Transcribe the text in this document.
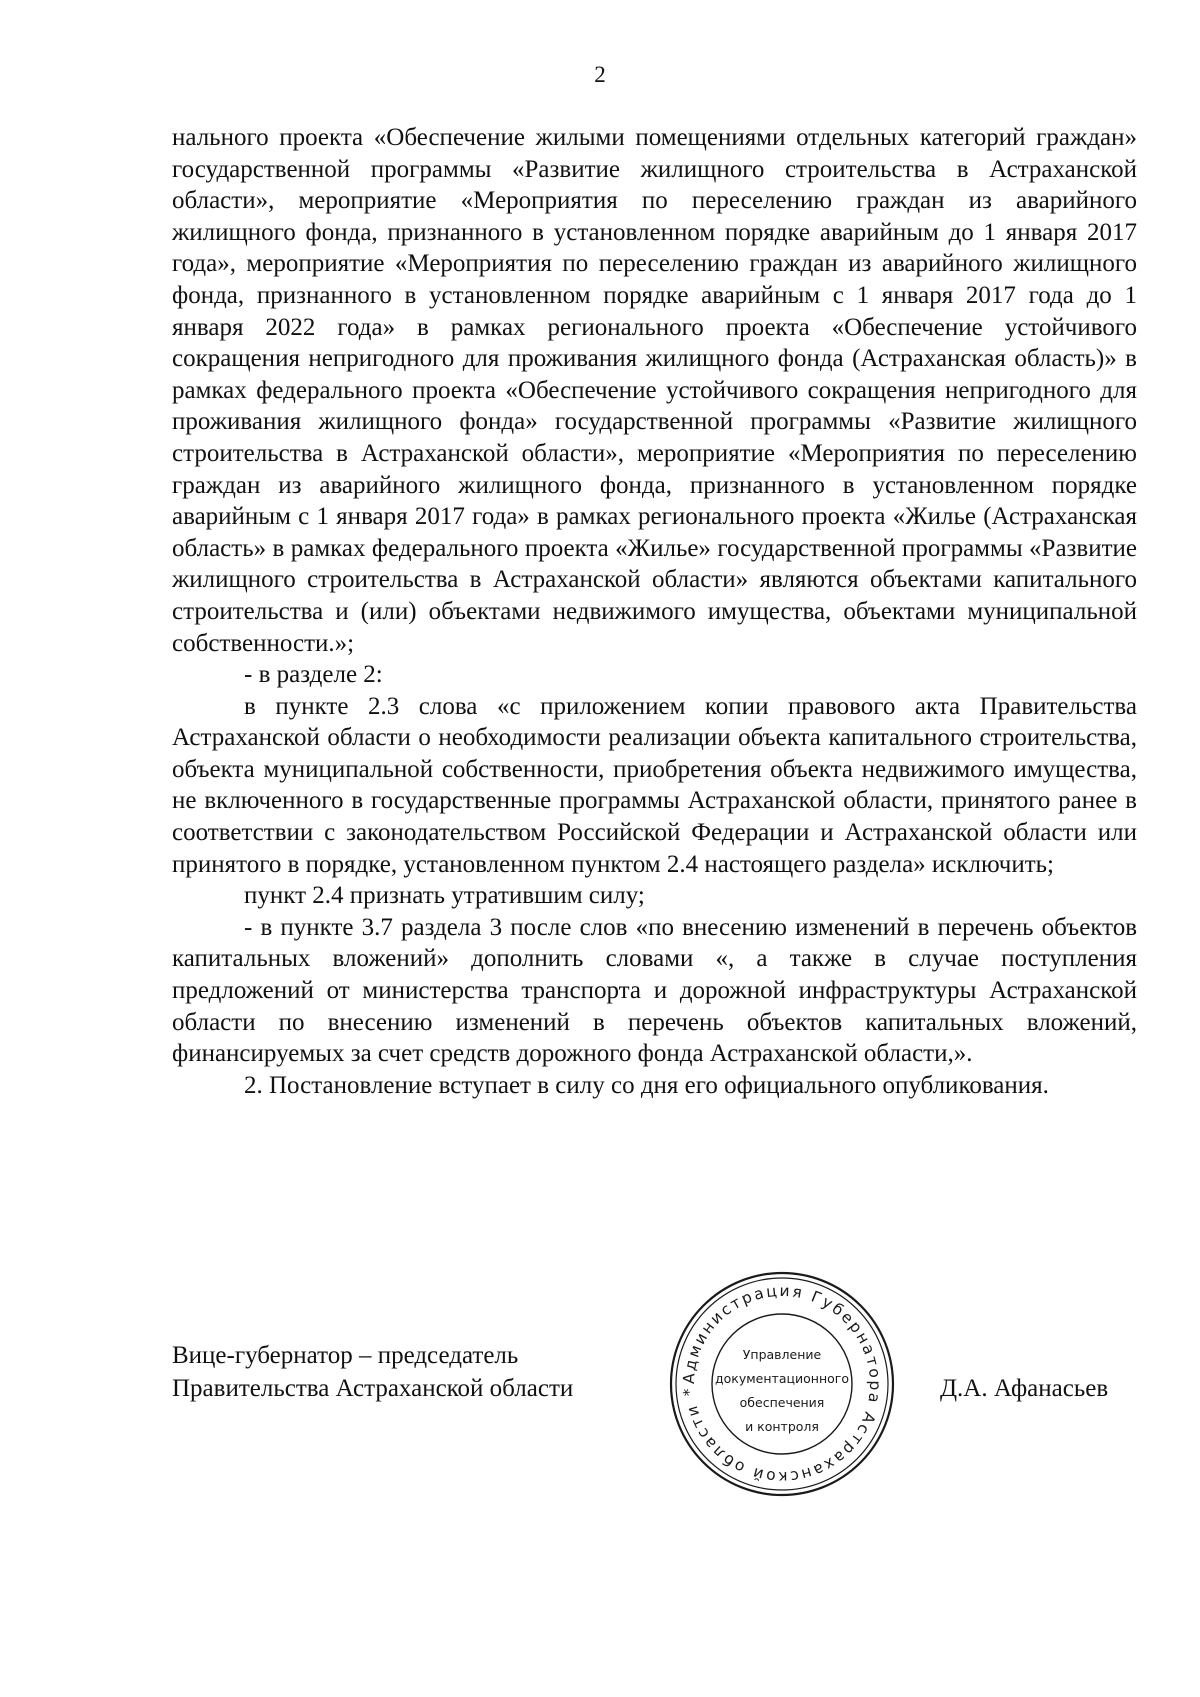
2

нального проекта «Обеспечение жилыми помещениями отдельных категорий граждан» государственной программы «Развитие жилищного строительства в Астраханской области», мероприятие «Мероприятия по переселению граждан из аварийного жилищного фонда, признанного в установленном порядке аварийным до 1 января 2017 года», мероприятие «Мероприятия по переселению граждан из аварийного жилищного фонда, признанного в установленном порядке аварийным с 1 января 2017 года до 1 января 2022 года» в рамках регионального проекта «Обеспечение устойчивого сокращения непригодного для проживания жилищного фонда (Астраханская область)» в рамках федерального проекта «Обеспечение устойчивого сокращения непригодного для проживания жилищного фонда» государственной программы «Развитие жилищного строительства в Астраханской области», мероприятие «Мероприятия по переселению граждан из аварийного жилищного фонда, признанного в установленном порядке аварийным с 1 января 2017 года» в рамках регионального проекта «Жилье (Астраханская область» в рамках федерального проекта «Жилье» государственной программы «Развитие жилищного строительства в Астраханской области» являются объектами капитального строительства и (или) объектами недвижимого имущества, объектами муниципальной собственности.»;

- в разделе 2:

в пункте 2.3 слова «с приложением копии правового акта Правительства Астраханской области о необходимости реализации объекта капитального строительства, объекта муниципальной собственности, приобретения объекта недвижимого имущества, не включенного в государственные программы Астраханской области, принятого ранее в соответствии с законодательством Российской Федерации и Астраханской области или принятого в порядке, установленном пунктом 2.4 настоящего раздела» исключить;

пункт 2.4 признать утратившим силу;

- в пункте 3.7 раздела 3 после слов «по внесению изменений в перечень объектов капитальных вложений» дополнить словами «, а также в случае поступления предложений от министерства транспорта и дорожной инфраструктуры Астраханской области по внесению изменений в перечень объектов капитальных вложений, финансируемых за счет средств дорожного фонда Астраханской области,».

2. Постановление вступает в силу со дня его официального опубликования.

Вице-губернатор – председатель
Правительства Астраханской области	Администрация Губернатора Астраханской области *
Управление
документационного
обеспечения
и контроля
Д.А. Афанасьев
